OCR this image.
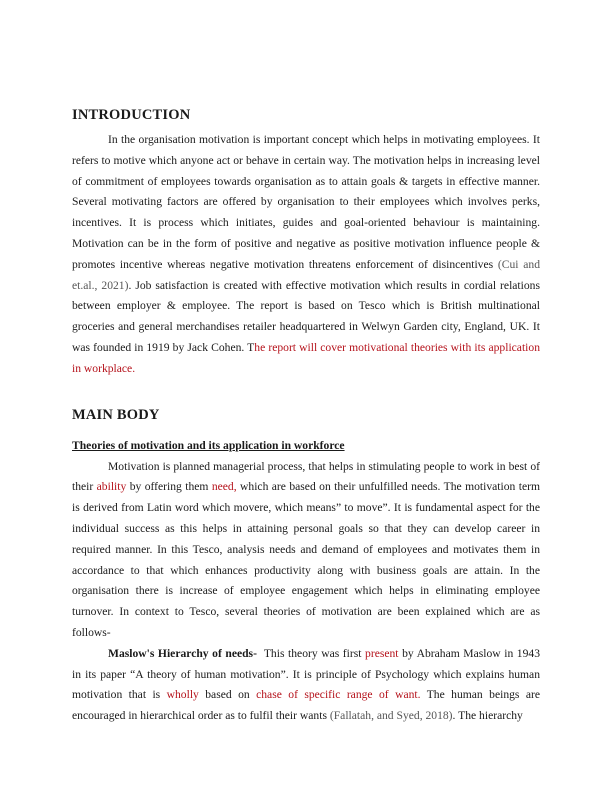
INTRODUCTION

In the organisation motivation is important concept which helps in motivating employees. It refers to motive which anyone act or behave in certain way. The motivation helps in increasing level of commitment of employees towards organisation as to attain goals & targets in effective manner. Several motivating factors are offered by organisation to their employees which involves perks, incentives. It is process which initiates, guides and goal-oriented behaviour is maintaining. Motivation can be in the form of positive and negative as positive motivation influence people & promotes incentive whereas negative motivation threatens enforcement of disincentives (Cui and et.al., 2021). Job satisfaction is created with effective motivation which results in cordial relations between employer & employee. The report is based on Tesco which is British multinational groceries and general merchandises retailer headquartered in Welwyn Garden city, England, UK. It was founded in 1919 by Jack Cohen. The report will cover motivational theories with its application in workplace.

MAIN BODY
Theories of motivation and its application in workforce

Motivation is planned managerial process, that helps in stimulating people to work in best of their ability by offering them need, which are based on their unfulfilled needs. The motivation term is derived from Latin word which movere, which means” to move”. It is fundamental aspect for the individual success as this helps in attaining personal goals so that they can develop career in required manner. In this Tesco, analysis needs and demand of employees and motivates them in accordance to that which enhances productivity along with business goals are attain. In the organisation there is increase of employee engagement which helps in eliminating employee turnover. In context to Tesco, several theories of motivation are been explained which are as follows-

Maslow's Hierarchy of needs-  This theory was first present by Abraham Maslow in 1943 in its paper “A theory of human motivation”. It is principle of Psychology which explains human motivation that is wholly based on chase of specific range of want. The human beings are encouraged in hierarchical order as to fulfil their wants (Fallatah, and Syed, 2018). The hierarchy
